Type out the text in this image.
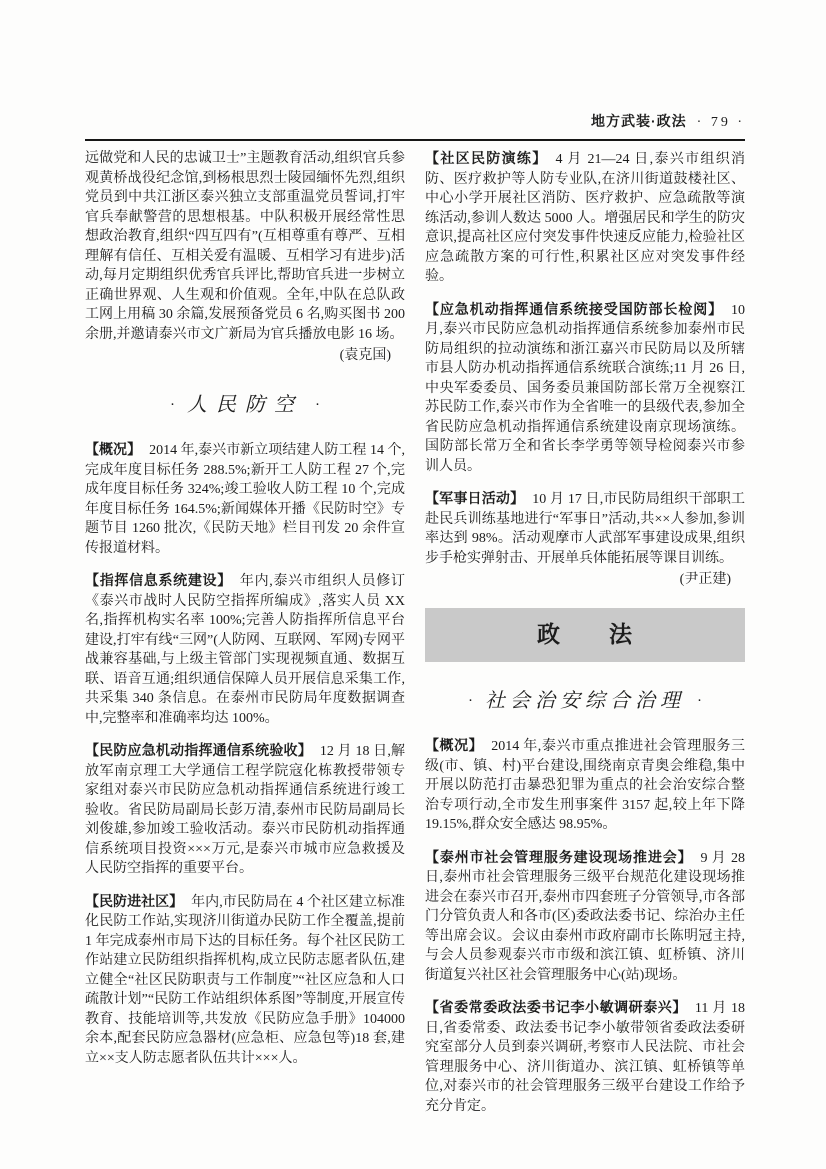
地方武装·政法 · 79 ·

远做党和人民的忠诚卫士”主题教育活动,组织官兵参观黄桥战役纪念馆,到杨根思烈士陵园缅怀先烈,组织党员到中共江浙区泰兴独立支部重温党员誓词,打牢官兵奉献警营的思想根基。中队积极开展经常性思想政治教育,组织“四互四有”(互相尊重有尊严、互相理解有信任、互相关爱有温暖、互相学习有进步)活动,每月定期组织优秀官兵评比,帮助官兵进一步树立正确世界观、人生观和价值观。全年,中队在总队政工网上用稿 30 余篇,发展预备党员 6 名,购买图书 200 余册,并邀请泰兴市文广新局为官兵播放电影 16 场。

(袁克国)
· 人民防空 ·

【概况】 2014 年,泰兴市新立项结建人防工程 14 个,完成年度目标任务 288.5%;新开工人防工程 27 个,完成年度目标任务 324%;竣工验收人防工程 10 个,完成年度目标任务 164.5%;新闻媒体开播《民防时空》专题节目 1260 批次,《民防天地》栏目刊发 20 余件宣传报道材料。

【指挥信息系统建设】 年内,泰兴市组织人员修订《泰兴市战时人民防空指挥所编成》,落实人员 XX 名,指挥机构实名率 100%;完善人防指挥所信息平台建设,打牢有线“三网”(人防网、互联网、军网)专网平战兼容基础,与上级主管部门实现视频直通、数据互联、语音互通;组织通信保障人员开展信息采集工作,共采集 340 条信息。在泰州市民防局年度数据调查中,完整率和准确率均达 100%。

【民防应急机动指挥通信系统验收】 12 月 18 日,解放军南京理工大学通信工程学院寇化栋教授带领专家组对泰兴市民防应急机动指挥通信系统进行竣工验收。省民防局副局长彭万清,泰州市民防局副局长刘俊雄,参加竣工验收活动。泰兴市民防机动指挥通信系统项目投资×××万元,是泰兴市城市应急救援及人民防空指挥的重要平台。

【民防进社区】 年内,市民防局在 4 个社区建立标准化民防工作站,实现济川街道办民防工作全覆盖,提前 1 年完成泰州市局下达的目标任务。每个社区民防工作站建立民防组织指挥机构,成立民防志愿者队伍,建立健全“社区民防职责与工作制度”“社区应急和人口疏散计划”“民防工作站组织体系图”等制度,开展宣传教育、技能培训等,共发放《民防应急手册》104000 余本,配套民防应急器材(应急柜、应急包等)18 套,建立××支人防志愿者队伍共计×××人。

【社区民防演练】 4 月 21—24 日,泰兴市组织消防、医疗救护等人防专业队,在济川街道鼓楼社区、中心小学开展社区消防、医疗救护、应急疏散等演练活动,参训人数达 5000 人。增强居民和学生的防灾意识,提高社区应付突发事件快速反应能力,检验社区应急疏散方案的可行性,积累社区应对突发事件经验。

【应急机动指挥通信系统接受国防部长检阅】 10 月,泰兴市民防应急机动指挥通信系统参加泰州市民防局组织的拉动演练和浙江嘉兴市民防局以及所辖市县人防办机动指挥通信系统联合演练;11 月 26 日,中央军委委员、国务委员兼国防部长常万全视察江苏民防工作,泰兴市作为全省唯一的县级代表,参加全省民防应急机动指挥通信系统建设南京现场演练。国防部长常万全和省长李学勇等领导检阅泰兴市参训人员。

【军事日活动】 10 月 17 日,市民防局组织干部职工赴民兵训练基地进行“军事日”活动,共××人参加,参训率达到 98%。活动观摩市人武部军事建设成果,组织步手枪实弹射击、开展单兵体能拓展等课目训练。

(尹正建)
政　　法
· 社会治安综合治理 ·

【概况】 2014 年,泰兴市重点推进社会管理服务三级(市、镇、村)平台建设,围绕南京青奥会维稳,集中开展以防范打击暴恐犯罪为重点的社会治安综合整治专项行动,全市发生刑事案件 3157 起,较上年下降 19.15%,群众安全感达 98.95%。

【泰州市社会管理服务建设现场推进会】 9 月 28 日,泰州市社会管理服务三级平台规范化建设现场推进会在泰兴市召开,泰州市四套班子分管领导,市各部门分管负责人和各市(区)委政法委书记、综治办主任等出席会议。会议由泰州市政府副市长陈明冠主持,与会人员参观泰兴市市级和滨江镇、虹桥镇、济川街道复兴社区社会管理服务中心(站)现场。

【省委常委政法委书记李小敏调研泰兴】 11 月 18 日,省委常委、政法委书记李小敏带领省委政法委研究室部分人员到泰兴调研,考察市人民法院、市社会管理服务中心、济川街道办、滨江镇、虹桥镇等单位,对泰兴市的社会管理服务三级平台建设工作给予充分肯定。
